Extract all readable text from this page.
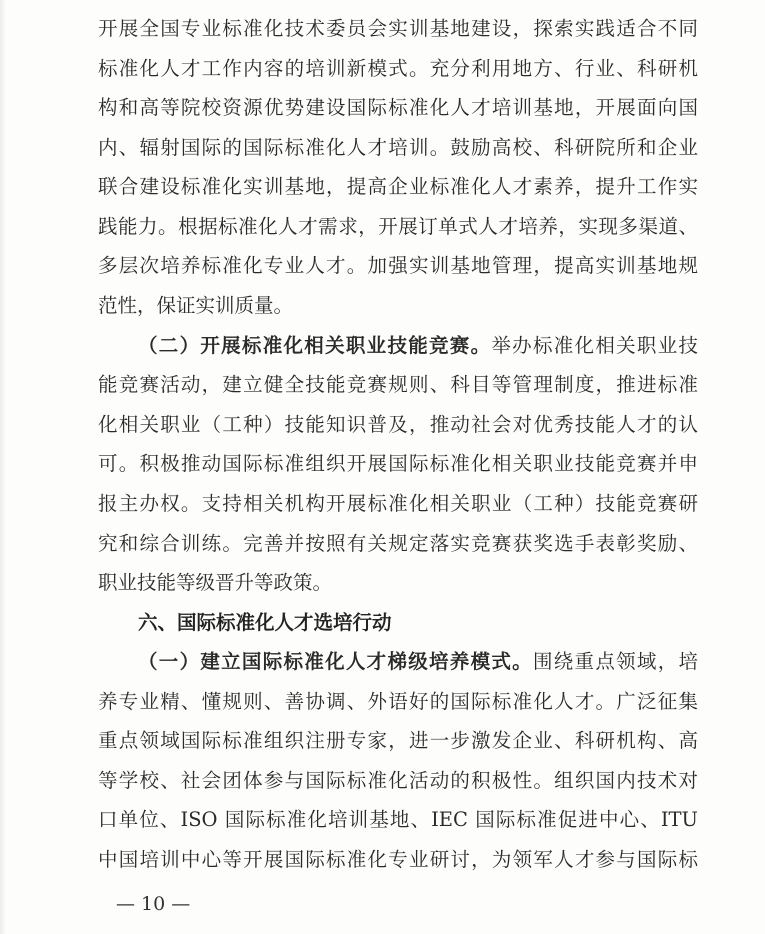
开展全国专业标准化技术委员会实训基地建设，探索实践适合不同
标准化人才工作内容的培训新模式。充分利用地方、行业、科研机
构和高等院校资源优势建设国际标准化人才培训基地，开展面向国
内、辐射国际的国际标准化人才培训。鼓励高校、科研院所和企业
联合建设标准化实训基地，提高企业标准化人才素养，提升工作实
践能力。根据标准化人才需求，开展订单式人才培养，实现多渠道、
多层次培养标准化专业人才。加强实训基地管理，提高实训基地规
范性，保证实训质量。
（二）开展标准化相关职业技能竞赛。举办标准化相关职业技
能竞赛活动，建立健全技能竞赛规则、科目等管理制度，推进标准
化相关职业（工种）技能知识普及，推动社会对优秀技能人才的认
可。积极推动国际标准组织开展国际标准化相关职业技能竞赛并申
报主办权。支持相关机构开展标准化相关职业（工种）技能竞赛研
究和综合训练。完善并按照有关规定落实竞赛获奖选手表彰奖励、
职业技能等级晋升等政策。
六、国际标准化人才选培行动
（一）建立国际标准化人才梯级培养模式。围绕重点领域，培
养专业精、懂规则、善协调、外语好的国际标准化人才。广泛征集
重点领域国际标准组织注册专家，进一步激发企业、科研机构、高
等学校、社会团体参与国际标准化活动的积极性。组织国内技术对
口单位、ISO 国际标准化培训基地、IEC 国际标准促进中心、ITU
中国培训中心等开展国际标准化专业研讨，为领军人才参与国际标
— 10 —
